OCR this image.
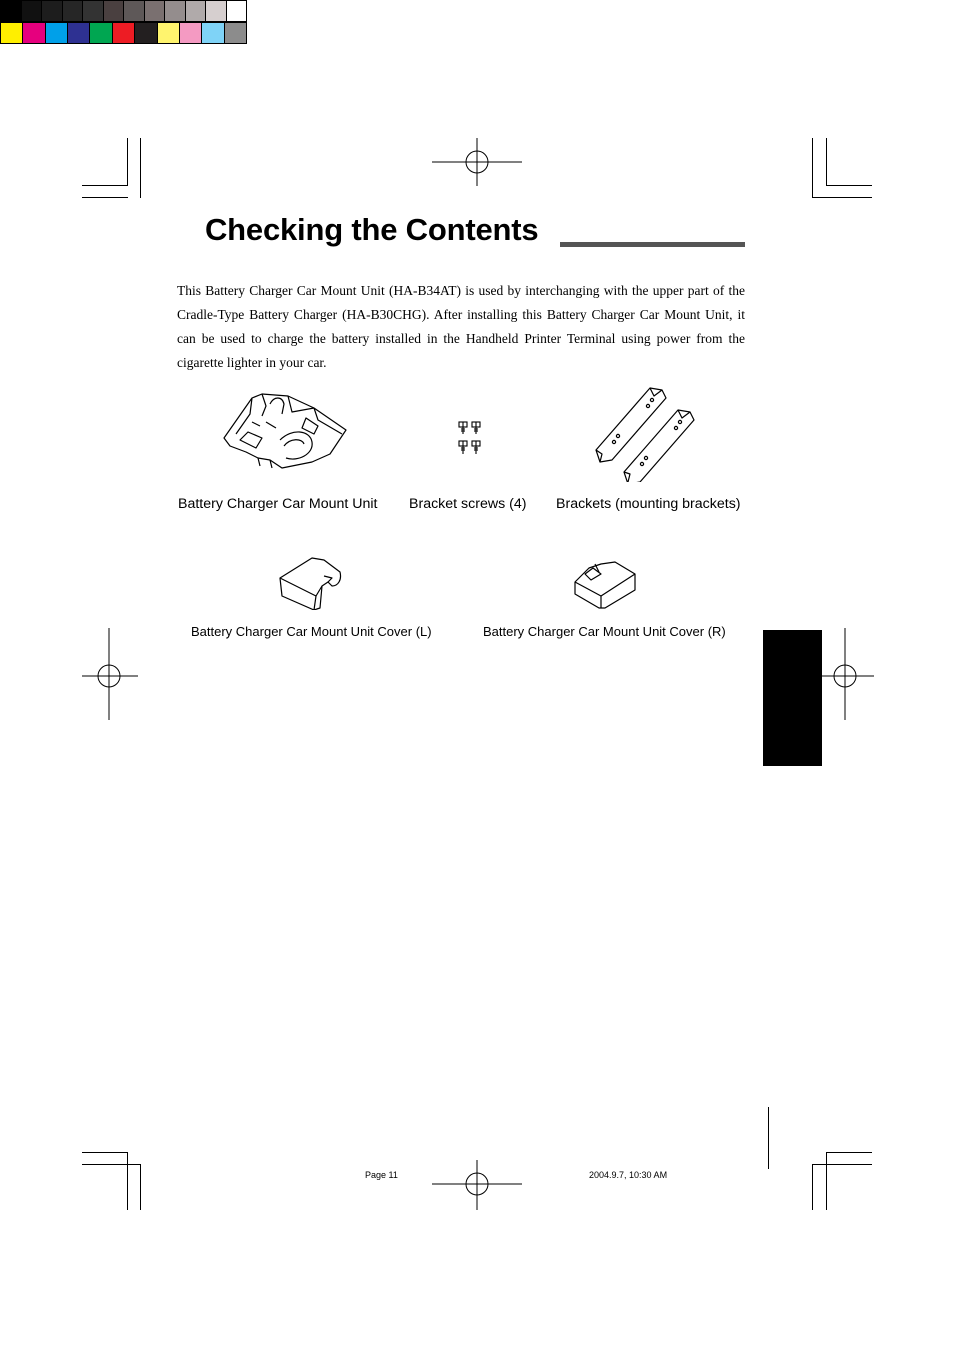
Checking the Contents
This Battery Charger Car Mount Unit (HA-B34AT) is used by interchanging with the upper part of the Cradle-Type Battery Charger (HA-B30CHG). After installing this Battery Charger Car Mount Unit, it can be used to charge the battery installed in the Handheld Printer Terminal using power from the cigarette lighter in your car.
Battery Charger Car Mount Unit Bracket screws (4) Brackets (mounting brackets)
Battery Charger Car Mount Unit Cover (L)	Battery Charger Car Mount Unit Cover (R)
Page 11	2004.9.7, 10:30 AM
